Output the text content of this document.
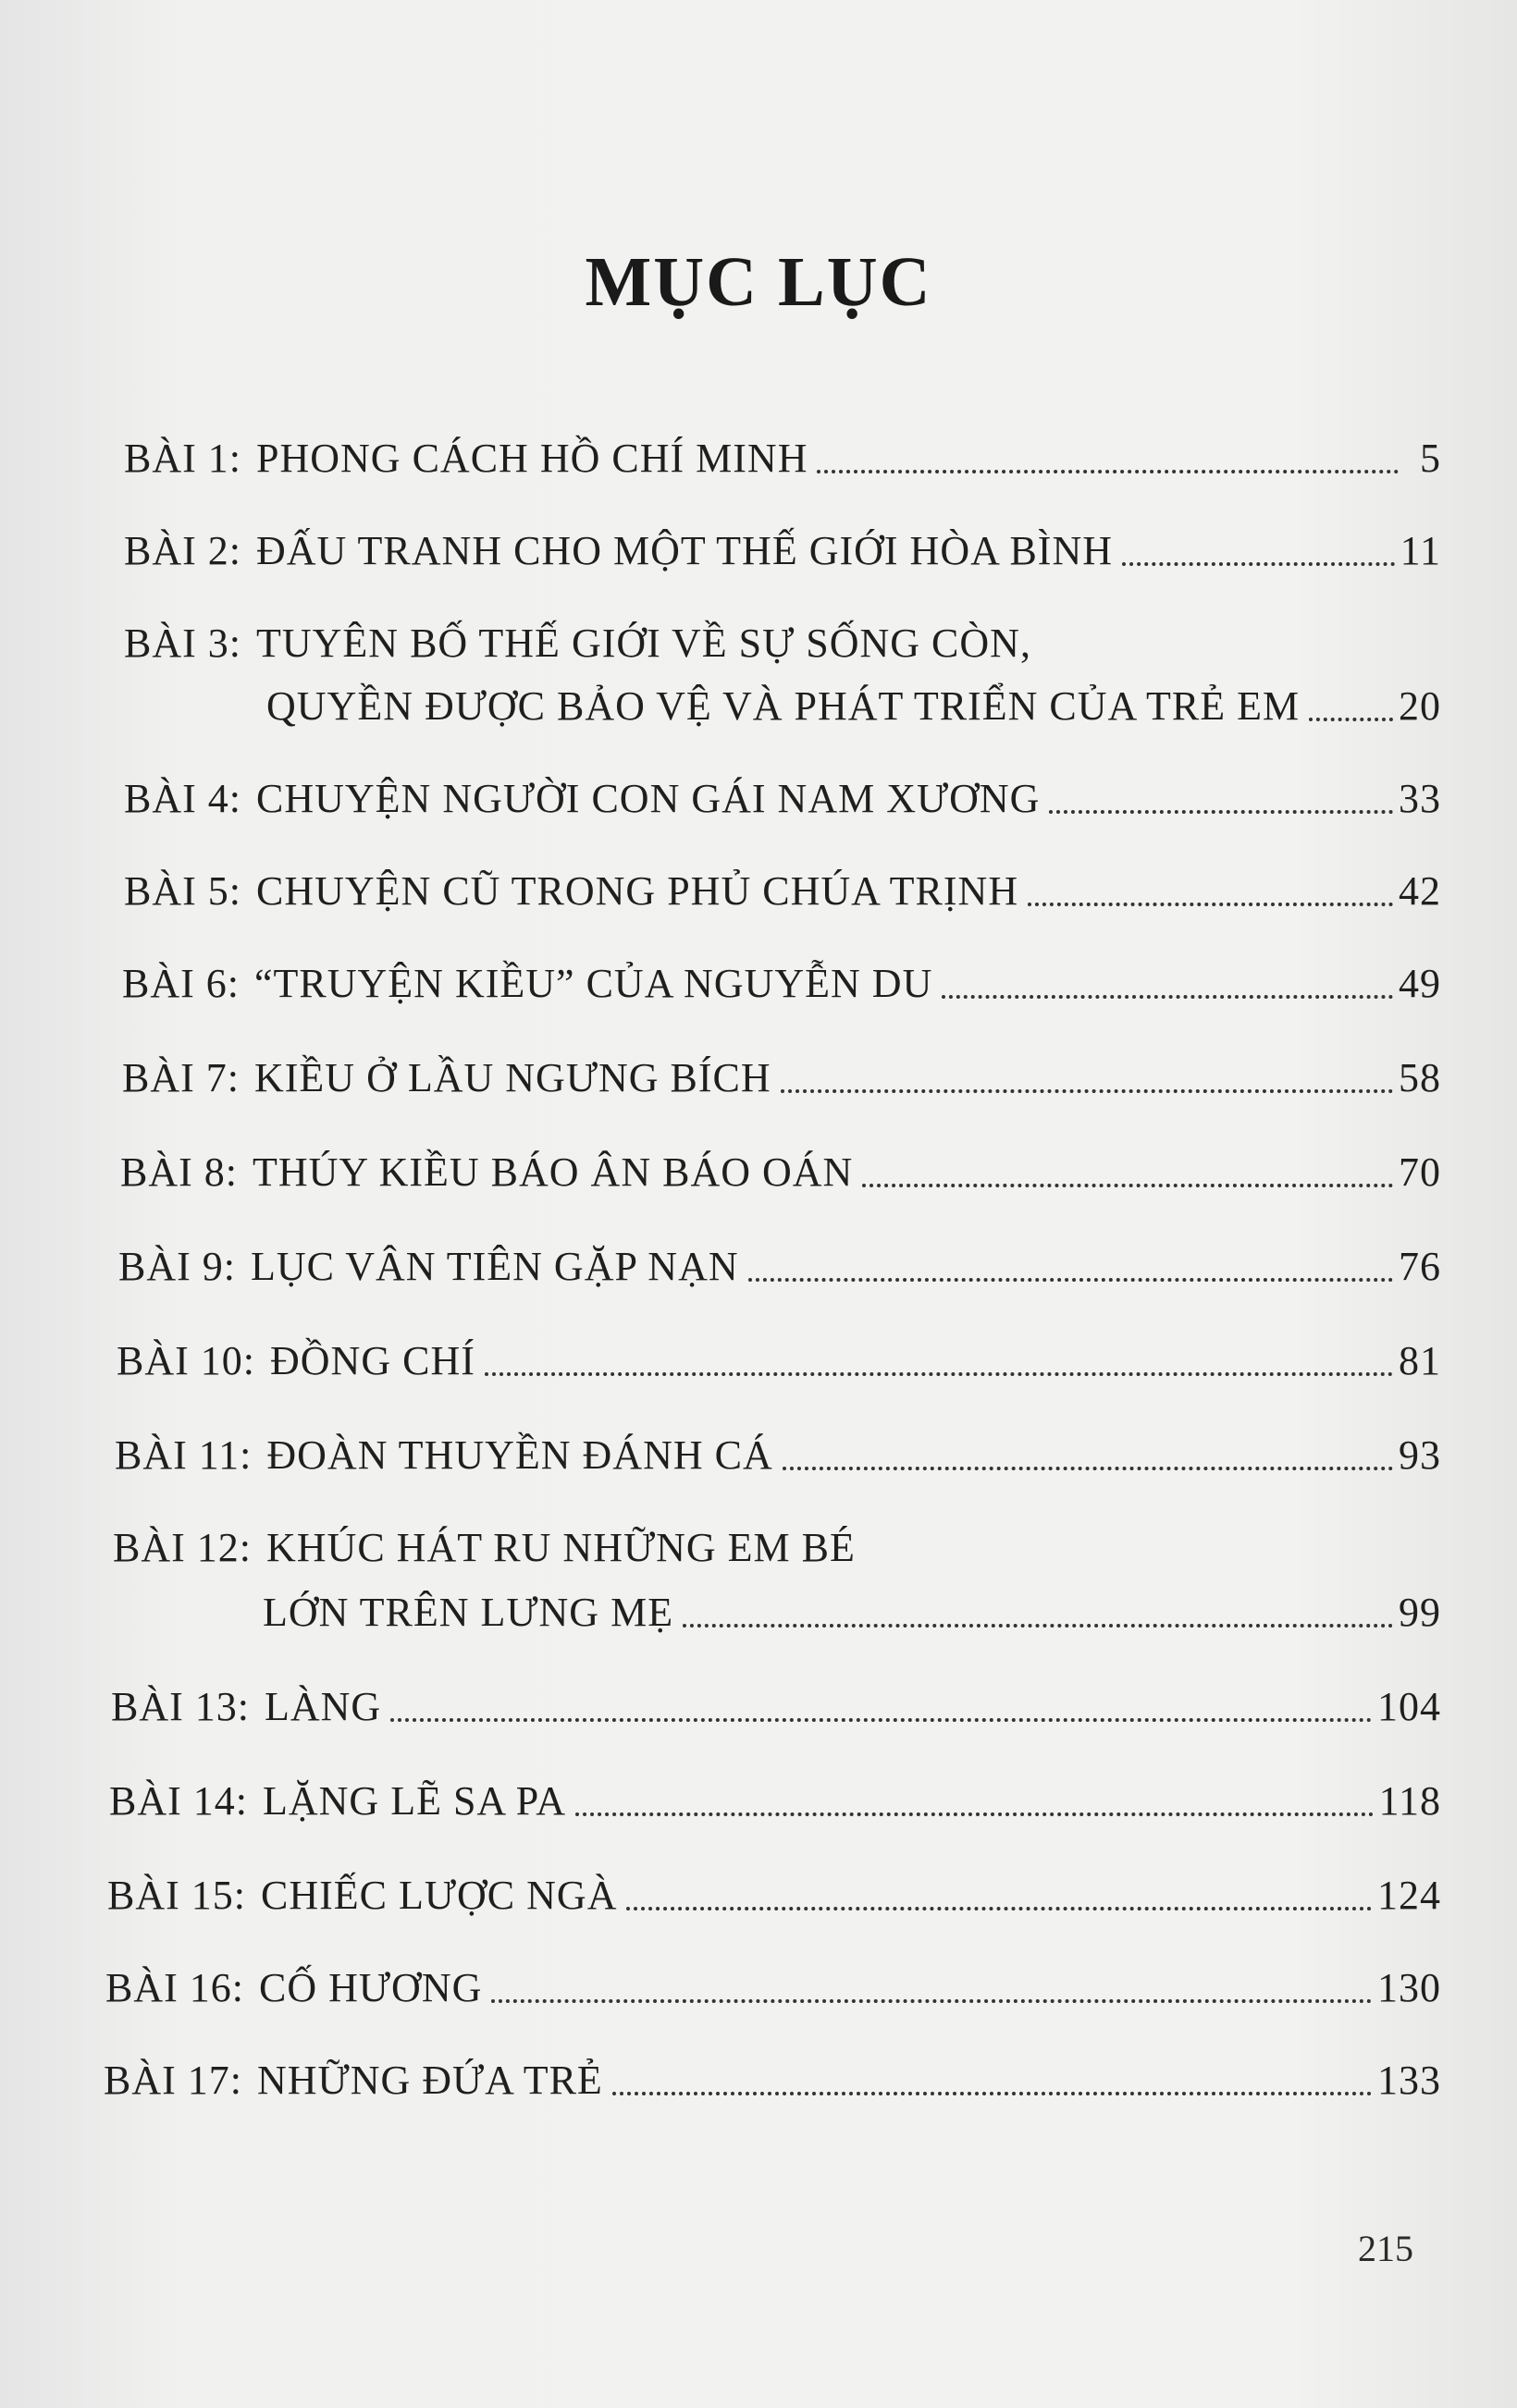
MỤC LỤC
BÀI 1: PHONG CÁCH HỒ CHÍ MINH	5
BÀI 2: ĐẤU TRANH CHO MỘT THẾ GIỚI HÒA BÌNH	11
BÀI 3: TUYÊN BỐ THẾ GIỚI VỀ SỰ SỐNG CÒN,
QUYỀN ĐƯỢC BẢO VỆ VÀ PHÁT TRIỂN CỦA TRẺ EM 20
BÀI 4: CHUYỆN NGƯỜI CON GÁI NAM XƯƠNG	33
BÀI 5: CHUYỆN CŨ TRONG PHỦ CHÚA TRỊNH	42
BÀI 6: “TRUYỆN KIỀU” CỦA NGUYỄN DU	49
BÀI 7: KIỀU Ở LẦU NGƯNG BÍCH	58
BÀI 8: THÚY KIỀU BÁO ÂN BÁO OÁN	70
BÀI 9: LỤC VÂN TIÊN GẶP NẠN	76
BÀI 10: ĐỒNG CHÍ	81
BÀI 11: ĐOÀN THUYỀN ĐÁNH CÁ	93
BÀI 12: KHÚC HÁT RU NHỮNG EM BÉ
LỚN TRÊN LƯNG MẸ	99
BÀI 13: LÀNG	104
BÀI 14: LẶNG LẼ SA PA	118
BÀI 15: CHIẾC LƯỢC NGÀ	124
BÀI 16: CỐ HƯƠNG	130
BÀI 17: NHỮNG ĐỨA TRẺ	133
215
